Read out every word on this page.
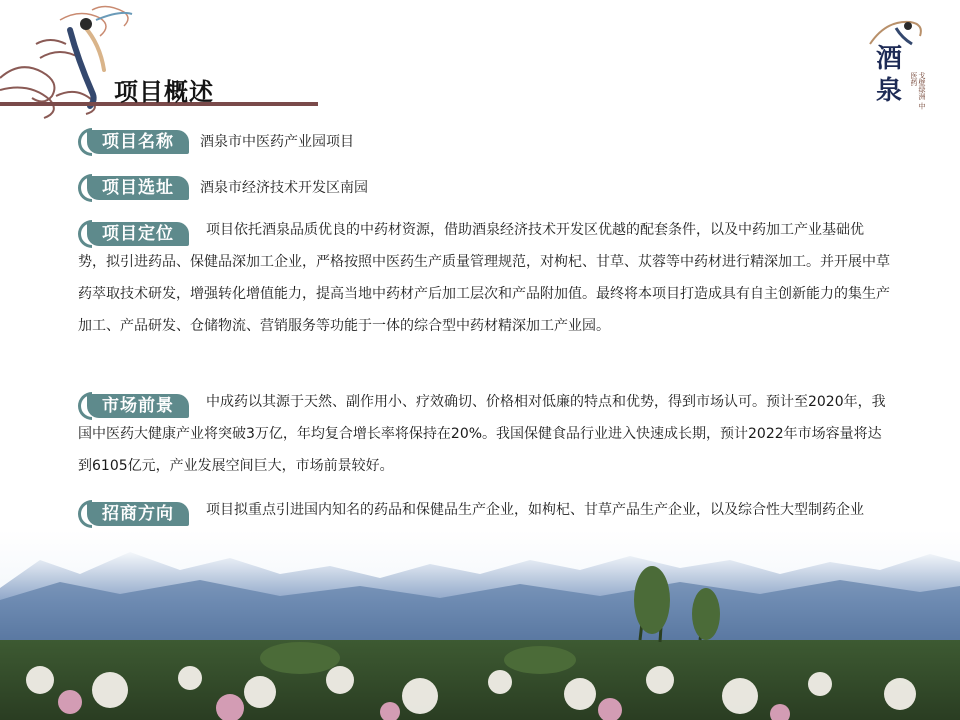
项目概述
酒
泉	戈壁绿洲 中医药
项目名称	酒泉市中医药产业园项目

项目选址	酒泉市经济技术开发区南园

项目定位	项目依托酒泉品质优良的中药材资源，借助酒泉经济技术开发区优越的配套条件，以及中药加工产业基础优势，拟引进药品、保健品深加工企业，严格按照中医药生产质量管理规范，对枸杞、甘草、苁蓉等中药材进行精深加工。并开展中草药萃取技术研发，增强转化增值能力，提高当地中药材产后加工层次和产品附加值。最终将本项目打造成具有自主创新能力的集生产加工、产品研发、仓储物流、营销服务等功能于一体的综合型中药材精深加工产业园。

市场前景	中成药以其源于天然、副作用小、疗效确切、价格相对低廉的特点和优势，得到市场认可。预计至2020年，我国中医药大健康产业将突破3万亿，年均复合增长率将保持在20%。我国保健食品行业进入快速成长期，预计2022年市场容量将达到6105亿元，产业发展空间巨大，市场前景较好。

招商方向	项目拟重点引进国内知名的药品和保健品生产企业，如枸杞、甘草产品生产企业，以及综合性大型制药企业
